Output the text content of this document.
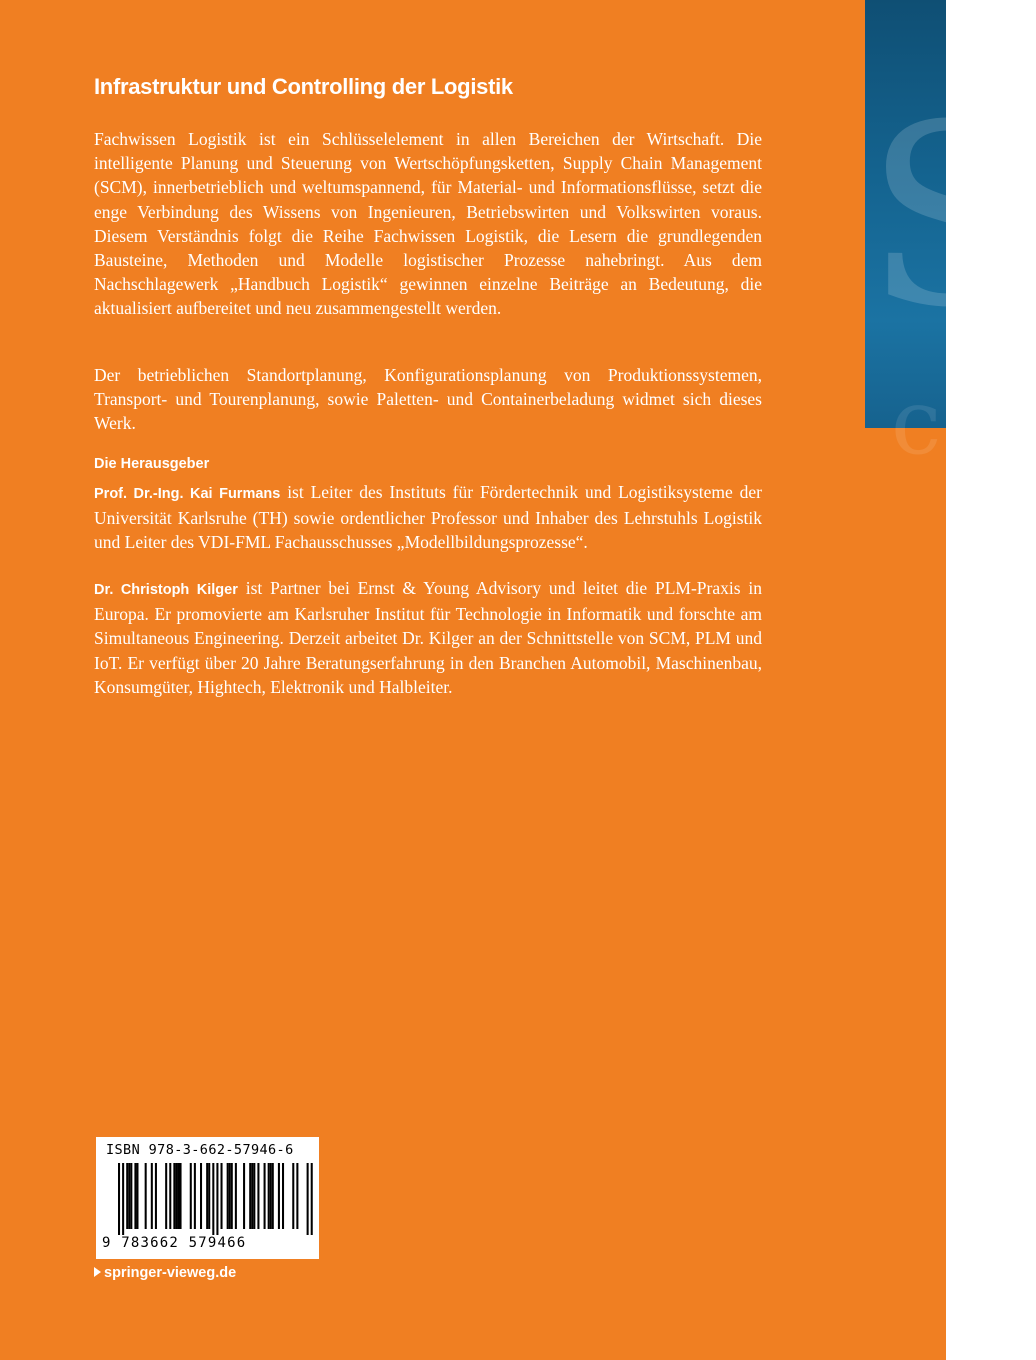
S
c
Infrastruktur und Controlling der Logistik

Fachwissen Logistik ist ein Schlüsselelement in allen Bereichen der Wirtschaft. Die intelligente Planung und Steuerung von Wertschöpfungsketten, Supply Chain Management (SCM), innerbetrieblich und weltumspannend, für Material- und Informationsflüsse, setzt die enge Verbindung des Wissens von Ingenieuren, Betriebswirten und Volkswirten voraus. Diesem Verständnis folgt die Reihe Fachwissen Logistik, die Lesern die grundlegenden Bausteine, Methoden und Modelle logistischer Prozesse nahebringt. Aus dem Nachschlagewerk „Handbuch Logistik“ gewinnen einzelne Beiträge an Bedeutung, die aktualisiert aufbereitet und neu zusammengestellt werden.

Der betrieblichen Standortplanung, Konfigurationsplanung von Produktionssystemen, Transport- und Tourenplanung, sowie Paletten- und Containerbeladung widmet sich dieses Werk.

Die Herausgeber

Prof. Dr.-Ing. Kai Furmans ist Leiter des Instituts für Fördertechnik und Logistiksysteme der Universität Karlsruhe (TH) sowie ordentlicher Professor und Inhaber des Lehrstuhls Logistik und Leiter des VDI-FML Fachausschusses „Modellbildungsprozesse“.

Dr. Christoph Kilger ist Partner bei Ernst & Young Advisory und leitet die PLM-Praxis in Europa. Er promovierte am Karlsruher Institut für Technologie in Informatik und forschte am Simultaneous Engineering. Derzeit arbeitet Dr. Kilger an der Schnittstelle von SCM, PLM und IoT. Er verfügt über 20 Jahre Beratungserfahrung in den Branchen Automobil, Maschinenbau, Konsumgüter, Hightech, Elektronik und Halbleiter.

ISBN 978-3-662-57946-6

9 783662 579466

springer-vieweg.de
